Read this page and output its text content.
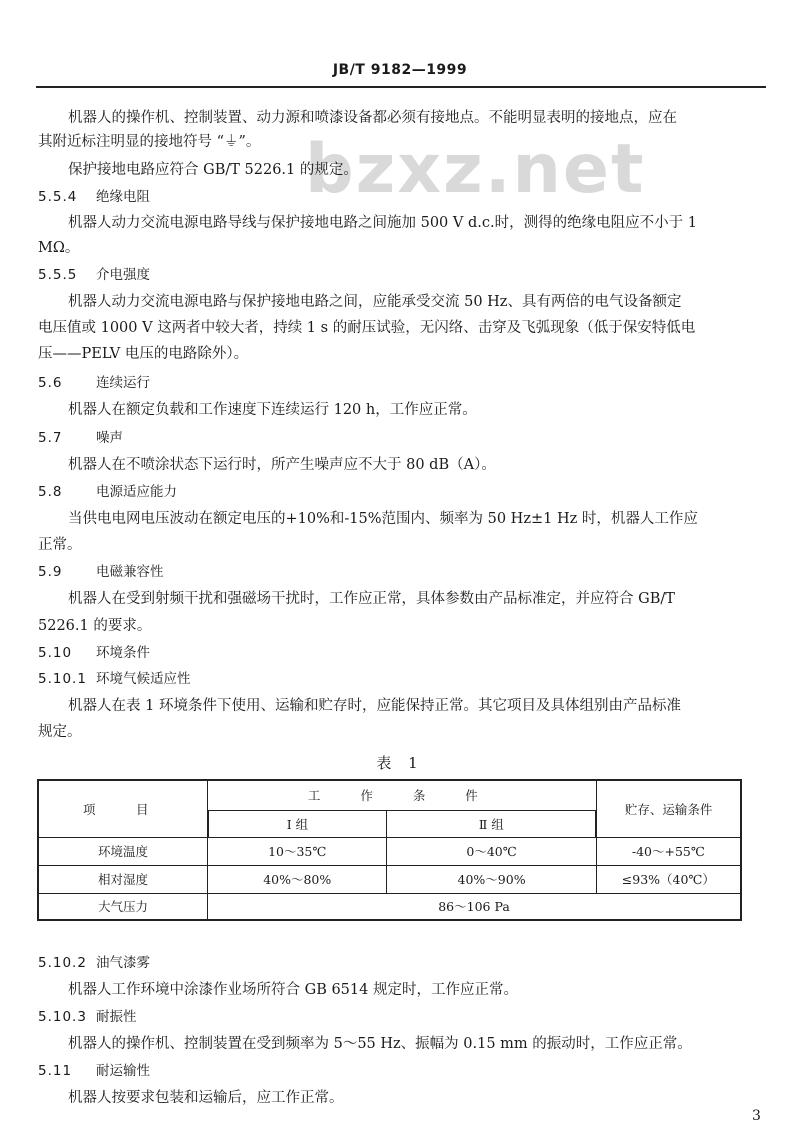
JB/T 9182—1999
bzxz.net
机器人的操作机、控制装置、动力源和喷漆设备都必须有接地点。不能明显表明的接地点，应在
其附近标注明显的接地符号 “⏚”。
保护接地电路应符合 GB/T 5226.1 的规定。
5.5.4 绝缘电阻
机器人动力交流电源电路导线与保护接地电路之间施加 500 V d.c.时，测得的绝缘电阻应不小于 1
MΩ。
5.5.5 介电强度
机器人动力交流电源电路与保护接地电路之间，应能承受交流 50 Hz、具有两倍的电气设备额定
电压值或 1000 V 这两者中较大者，持续 1 s 的耐压试验，无闪络、击穿及飞弧现象（低于保安特低电
压——PELV 电压的电路除外）。
5.6 连续运行
机器人在额定负载和工作速度下连续运行 120 h，工作应正常。
5.7 噪声
机器人在不喷涂状态下运行时，所产生噪声应不大于 80 dB（A）。
5.8 电源适应能力
当供电电网电压波动在额定电压的+10%和-15%范围内、频率为 50 Hz±1 Hz 时，机器人工作应
正常。
5.9 电磁兼容性
机器人在受到射频干扰和强磁场干扰时，工作应正常，具体参数由产品标准定，并应符合 GB/T
5226.1 的要求。
5.10 环境条件
5.10.1 环境气候适应性
机器人在表 1 环境条件下使用、运输和贮存时，应能保持正常。其它项目及具体组别由产品标准
规定。
表 1
项　目	工 作 条 件		贮存、运输条件
	Ⅰ 组	Ⅱ 组	
环境温度	10～35℃	0～40℃	-40～+55℃
相对湿度	40%～80%	40%～90%	≤93%（40℃）
大气压力	86～106 Pa		
5.10.2 油气漆雾
机器人工作环境中涂漆作业场所符合 GB 6514 规定时，工作应正常。
5.10.3 耐振性
机器人的操作机、控制装置在受到频率为 5～55 Hz、振幅为 0.15 mm 的振动时，工作应正常。
5.11 耐运输性
机器人按要求包装和运输后，应工作正常。
3
